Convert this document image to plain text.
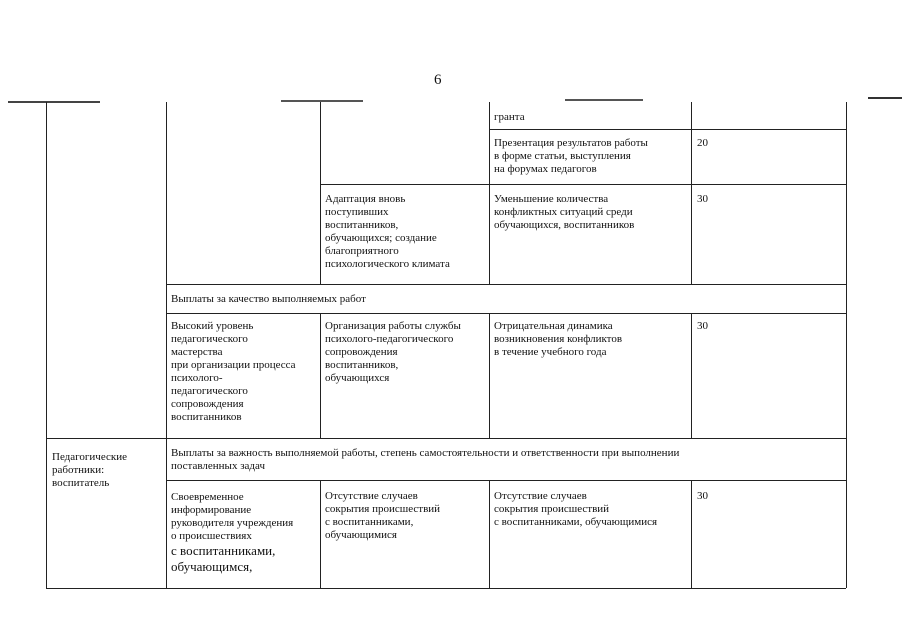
6
гранта
Презентация результатов работы
в форме статьи, выступления
на форумах педагогов
20
Адаптация вновь
поступивших
воспитанников,
обучающихся; создание
благоприятного
психологического климата
Уменьшение количества
конфликтных ситуаций среди
обучающихся, воспитанников
30
Выплаты за качество выполняемых работ
Высокий уровень
педагогического
мастерства
при организации процесса
психолого-
педагогического
сопровождения
воспитанников
Организация работы службы
психолого-педагогического
сопровождения
воспитанников,
обучающихся
Отрицательная динамика
возникновения конфликтов
в течение учебного года
30
Педагогические
работники:
воспитатель
Выплаты за важность выполняемой работы, степень самостоятельности и ответственности при выполнении
поставленных задач
Своевременное
информирование
руководителя учреждения
о происшествиях
с воспитанниками,
обучающимся,
Отсутствие случаев
сокрытия происшествий
с воспитанниками,
обучающимися
Отсутствие случаев
сокрытия происшествий
с воспитанниками, обучающимися
30
